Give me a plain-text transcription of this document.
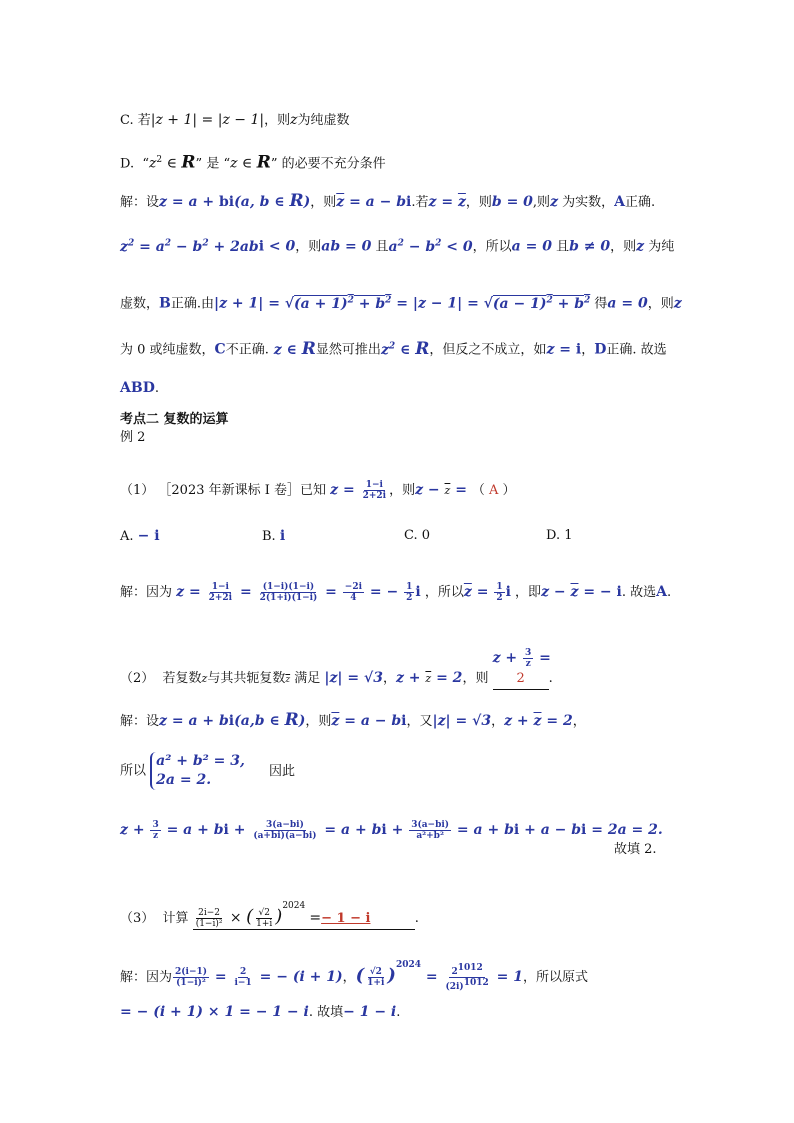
C. 若|z + 1| = |z − 1|，则z为纯虚数
D.  “$z^2$ ∈ R” 是 “z ∈ R” 的必要不充分条件
解：设z = a + bi(a, b ∈ R)，则$\overline{z} = a$ − bi.若$z = \overline{z}$，则b = 0,则z 为实数，A正确.
$z^2 = a^2 - b^2 + 2abi < 0$，则ab = 0 且$a^2 - b^2 < 0$，所以a = 0 且b ≠ 0，则z 为纯
虚数，B正确.由$|z + 1| = √(a + 1)^2 + b^2 = |z - 1| = √(a - 1)^2 + b^2$ 得a = 0，则z
为 0 或纯虚数，C不正确. z ∈ R显然可推出$z^2$ ∈ R，但反之不成立，如z = i，D正确. 故选
ABD.
考点二 复数的运算
例 2
（1） ［2023 年新课标 I 卷］已知 $z = \frac{1-i}{2+2i}$ ，则$z - \overline{z}$ = （ A ）
A. − i	B. i	C. 0	D. 1
解：因为 $z = \frac{1-i}{2+2i} = \frac{(1-i)(1-i)}{2(1+i)(1-i)} = \frac{-2i}{4}$ = − $\frac{1}{2}$ i ，所以$\overline{z} = \frac{1}{2}$ i ，即$z - \overline{z}$ = − i. 故选A.
（2）  若复数z与其共轭复数$\overline{z}$ 满足 |z| = √3，$z + \overline{z} = 2$，则 $z + \frac{3}{z}$ =
2 .
解：设z = a + bi(a,b ∈ R)，则$\overline{z} = a$ − bi，又|z| = √3，$z + \overline{z} = 2$，
所以 a² + b² = 3,
2a = 2. 因此
$z + \frac{3}{z} = a$ + bi + $\frac{3(a-bi)}{(a+bi)(a-bi)} = a$ + bi + $\frac{3(a-bi)}{\text{a²+b²}} = a$ + bi + a − bi = 2a = 2.
故填 2.
（3）  计算 $\frac{2i-2}{\text{(1−i)²}}$ × ( $\frac{√2}{1+i} )^{2024} =- 1 - i$	.
解：因为 $\frac{2(i-1)}{\text{(1−i)²}} = \frac{2}{i-1}$ = − (i + 1)，( $\frac{√2}{1+i} )^{2024} = \frac{2^{1012}}{(2i)^{1012}} = 1$，所以原式
= − (i + 1) × 1 = − 1 − i. 故填− 1 − i.
